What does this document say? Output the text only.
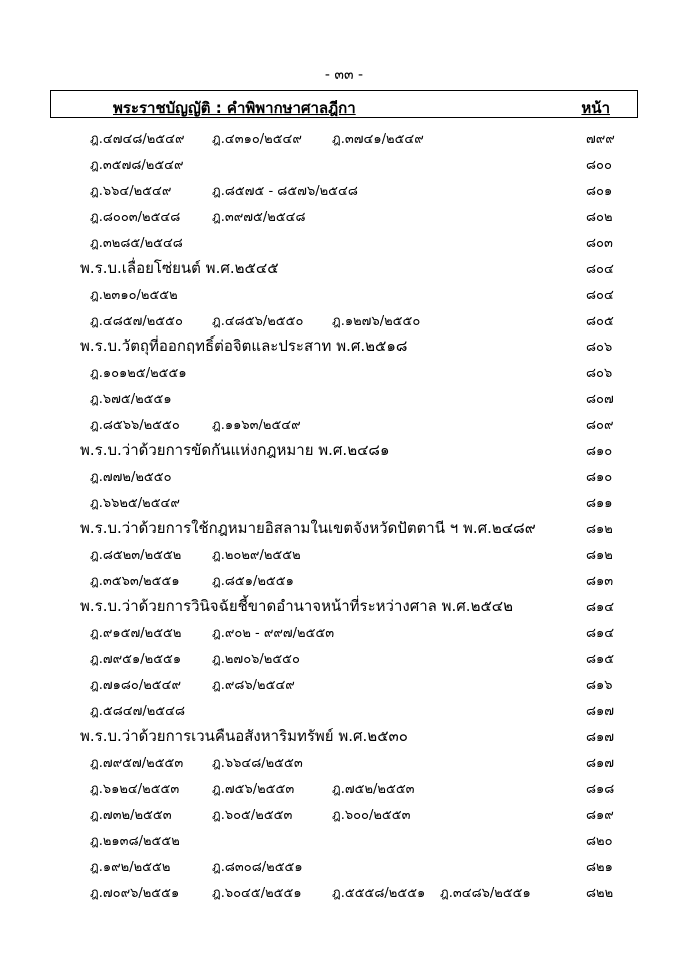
- ๓๓ -
พระราชบัญญัติ : คำพิพากษาศาลฎีกา	หน้า
ฎ.๔๗๔๘/๒๕๔๙ ฎ.๔๓๑๐/๒๕๔๙ ฎ.๓๗๔๑/๒๕๔๙	๗๙๙
ฎ.๓๕๗๘/๒๕๔๙	๘๐๐
ฎ.๖๖๔/๒๕๔๙	ฎ.๘๕๗๕ - ๘๕๗๖/๒๕๔๘	๘๐๑
ฎ.๘๐๐๓/๒๕๔๘ ฎ.๓๙๗๕/๒๕๔๘	๘๐๒
ฎ.๓๒๘๕/๒๕๔๘	๘๐๓
พ.ร.บ.เลื่อยโซ่ยนต์ พ.ศ.๒๕๔๕	๘๐๔
ฎ.๒๓๑๐/๒๕๕๒	๘๐๔
ฎ.๔๘๕๗/๒๕๕๐ ฎ.๔๘๕๖/๒๕๕๐ ฎ.๑๒๗๖/๒๕๕๐	๘๐๕
พ.ร.บ.วัตถุที่ออกฤทธิ์ต่อจิตและประสาท พ.ศ.๒๕๑๘	๘๐๖
ฎ.๑๐๑๒๕/๒๕๕๑	๘๐๖
ฎ.๖๗๕/๒๕๕๑	๘๐๗
ฎ.๘๕๖๖/๒๕๕๐ ฎ.๑๑๖๓/๒๕๔๙	๘๐๙
พ.ร.บ.ว่าด้วยการขัดกันแห่งกฎหมาย พ.ศ.๒๔๘๑	๘๑๐
ฎ.๗๗๒/๒๕๕๐	๘๑๐
ฎ.๖๖๒๕/๒๕๔๙	๘๑๑
พ.ร.บ.ว่าด้วยการใช้กฎหมายอิสลามในเขตจังหวัดปัตตานี ฯ พ.ศ.๒๔๘๙	๘๑๒
ฎ.๘๕๒๓/๒๕๕๒ ฎ.๒๐๒๙/๒๕๕๒	๘๑๒
ฎ.๓๕๖๓/๒๕๕๑ ฎ.๘๕๑/๒๕๕๑	๘๑๓
พ.ร.บ.ว่าด้วยการวินิจฉัยชี้ขาดอำนาจหน้าที่ระหว่างศาล พ.ศ.๒๕๔๒	๘๑๔
ฎ.๙๑๕๗/๒๕๕๒ ฎ.๙๐๒ - ๙๙๗/๒๕๕๓	๘๑๔
ฎ.๗๙๕๑/๒๕๕๑ ฎ.๒๗๐๖/๒๕๕๐	๘๑๕
ฎ.๗๑๘๐/๒๕๔๙ ฎ.๙๘๖/๒๕๔๙	๘๑๖
ฎ.๕๘๔๗/๒๕๔๘	๘๑๗
พ.ร.บ.ว่าด้วยการเวนคืนอสังหาริมทรัพย์ พ.ศ.๒๕๓๐	๘๑๗
ฎ.๗๙๕๗/๒๕๕๓ ฎ.๖๖๔๘/๒๕๕๓	๘๑๗
ฎ.๖๑๒๔/๒๕๕๓	ฎ.๗๕๖/๒๕๕๓	ฎ.๗๕๒/๒๕๕๓	๘๑๘
ฎ.๗๓๒/๒๕๕๓	ฎ.๖๐๕/๒๕๕๓	ฎ.๖๐๐/๒๕๕๓	๘๑๙
ฎ.๒๑๓๘/๒๕๕๒	๘๒๐
ฎ.๑๙๒/๒๕๕๒	ฎ.๘๓๐๘/๒๕๕๑	๘๒๑
ฎ.๗๐๙๖/๒๕๕๑	ฎ.๖๐๔๕/๒๕๕๑ ฎ.๕๕๕๘/๒๕๕๑ ฎ.๓๔๘๖/๒๕๕๑	๘๒๒
